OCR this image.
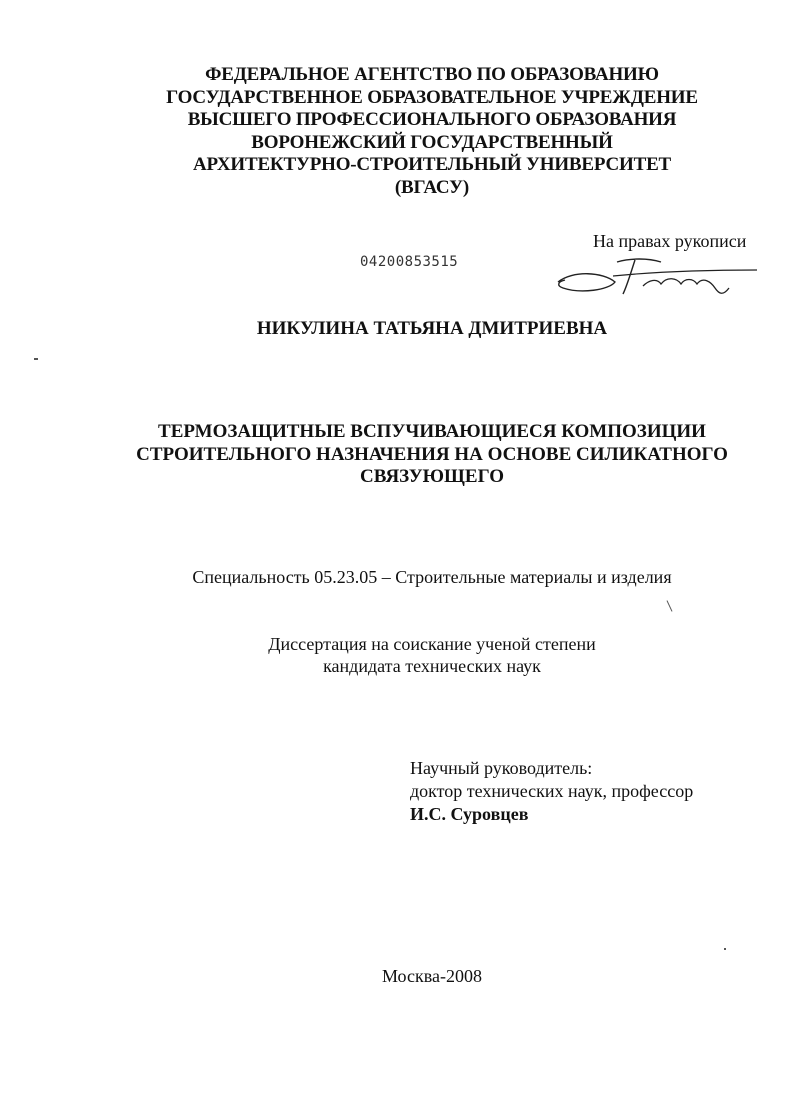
ФЕДЕРАЛЬНОЕ АГЕНТСТВО ПО ОБРАЗОВАНИЮ
ГОСУДАРСТВЕННОЕ ОБРАЗОВАТЕЛЬНОЕ УЧРЕЖДЕНИЕ
ВЫСШЕГО ПРОФЕССИОНАЛЬНОГО ОБРАЗОВАНИЯ
ВОРОНЕЖСКИЙ ГОСУДАРСТВЕННЫЙ
АРХИТЕКТУРНО-СТРОИТЕЛЬНЫЙ УНИВЕРСИТЕТ
(ВГАСУ)
На правах рукописи
04200853515
НИКУЛИНА ТАТЬЯНА ДМИТРИЕВНА
ТЕРМОЗАЩИТНЫЕ ВСПУЧИВАЮЩИЕСЯ КОМПОЗИЦИИ
СТРОИТЕЛЬНОГО НАЗНАЧЕНИЯ НА ОСНОВЕ СИЛИКАТНОГО
СВЯЗУЮЩЕГО
Специальность 05.23.05 – Строительные материалы и изделия
Диссертация на соискание ученой степени
кандидата технических наук
Научный руководитель:
доктор технических наук, профессор
И.С. Суровцев
Москва-2008
